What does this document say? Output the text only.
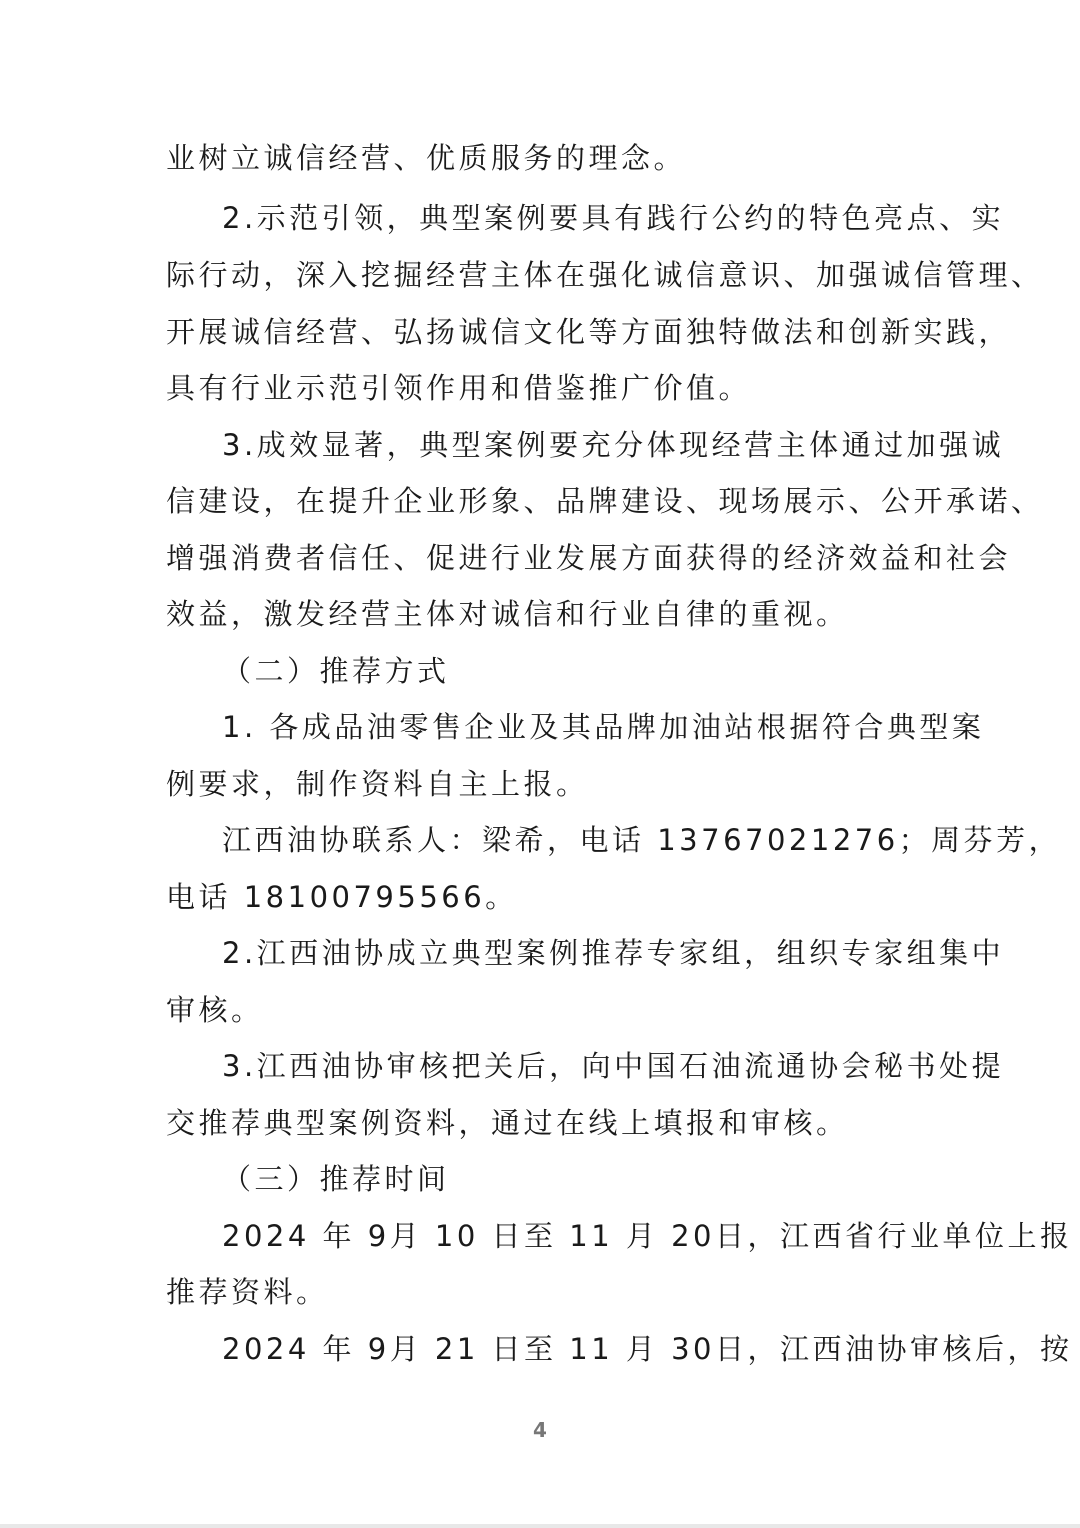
业树立诚信经营、优质服务的理念。
2.示范引领，典型案例要具有践行公约的特色亮点、实
际行动，深入挖掘经营主体在强化诚信意识、加强诚信管理、
开展诚信经营、弘扬诚信文化等方面独特做法和创新实践，
具有行业示范引领作用和借鉴推广价值。
3.成效显著，典型案例要充分体现经营主体通过加强诚
信建设，在提升企业形象、品牌建设、现场展示、公开承诺、
增强消费者信任、促进行业发展方面获得的经济效益和社会
效益，激发经营主体对诚信和行业自律的重视。
（二）推荐方式
1. 各成品油零售企业及其品牌加油站根据符合典型案
例要求，制作资料自主上报。
江西油协联系人：梁希，电话 13767021276；周芬芳，
电话 18100795566。
2.江西油协成立典型案例推荐专家组，组织专家组集中
审核。
3.江西油协审核把关后，向中国石油流通协会秘书处提
交推荐典型案例资料，通过在线上填报和审核。
（三）推荐时间
2024 年 9月 10 日至 11 月 20日，江西省行业单位上报
推荐资料。
2024 年 9月 21 日至 11 月 30日，江西油协审核后，按
4
